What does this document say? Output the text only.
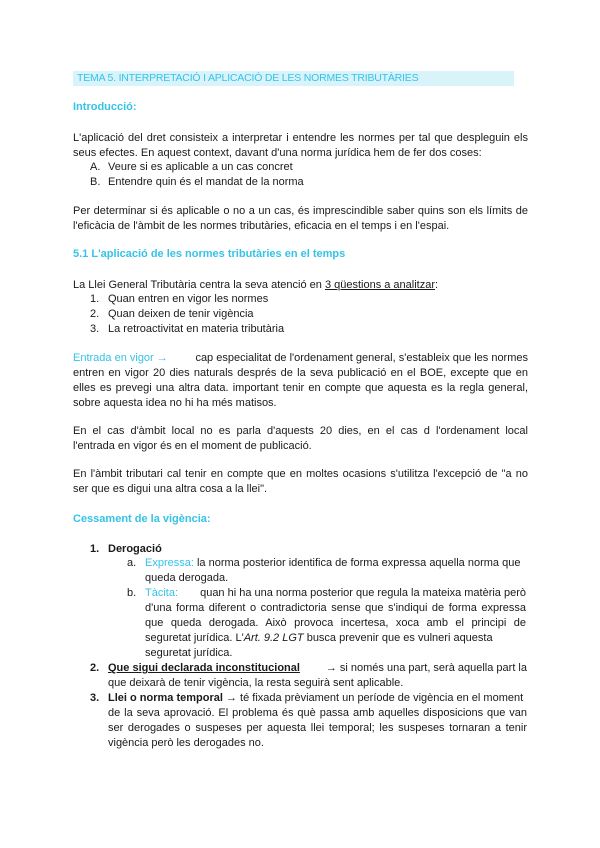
TEMA 5. INTERPRETACIÓ I APLICACIÓ DE LES NORMES TRIBUTÀRIES
Introducció:
L'aplicació del dret consisteix a interpretar i entendre les normes per tal que despleguin els
seus efectes. En aquest context, davant d'una norma jurídica hem de fer dos coses:
A. Veure si es aplicable a un cas concret
B. Entendre quin és el mandat de la norma
Per determinar si és aplicable o no a un cas, és imprescindible saber quins son els límits de
l'eficàcia de l'àmbit de les normes tributàries, eficacia en el temps i en l'espai.
5.1 L'aplicació de les normes tributàries en el temps
La Llei General Tributària centra la seva atenció en 3 qüestions a analitzar:
1. Quan entren en vigor les normes
2. Quan deixen de tenir vigència
3. La retroactivitat en materia tributària
Entrada en vigor →	cap especialitat de l'ordenament general, s'estableix que les normes
entren en vigor 20 dies naturals després de la seva publicació en el BOE, excepte que en
elles es prevegi una altra data. important tenir en compte que aquesta es la regla general,
sobre aquesta idea no hi ha més matisos.
En el cas d'àmbit local no es parla d'aquests 20 dies, en el cas d l'ordenament local
l'entrada en vigor és en el moment de publicació.
En l'àmbit tributari cal tenir en compte que en moltes ocasions s'utilitza l'excepció de "a no
ser que es digui una altra cosa a la llei".
Cessament de la vigència:
1. Derogació
a. Expressa: la norma posterior identifica de forma expressa aquella norma que
queda derogada.
b. Tàcita: quan hi ha una norma posterior que regula la mateixa matèria però
d'una forma diferent o contradictoria sense que s'indiqui de forma expressa
que queda derogada. Això provoca incertesa, xoca amb el principi de
seguretat jurídica. L'Art. 9.2 LGT busca prevenir que es vulneri aquesta
seguretat jurídica.
2. Que sigui declarada inconstitucional → si només una part, serà aquella part la
que deixarà de tenir vigència, la resta seguirà sent aplicable.
3. Llei o norma temporal → té fixada prèviament un període de vigència en el moment
de la seva aprovació. El problema és què passa amb aquelles disposicions que van
ser derogades o suspeses per aquesta llei temporal; les suspeses tornaran a tenir
vigència però les derogades no.
